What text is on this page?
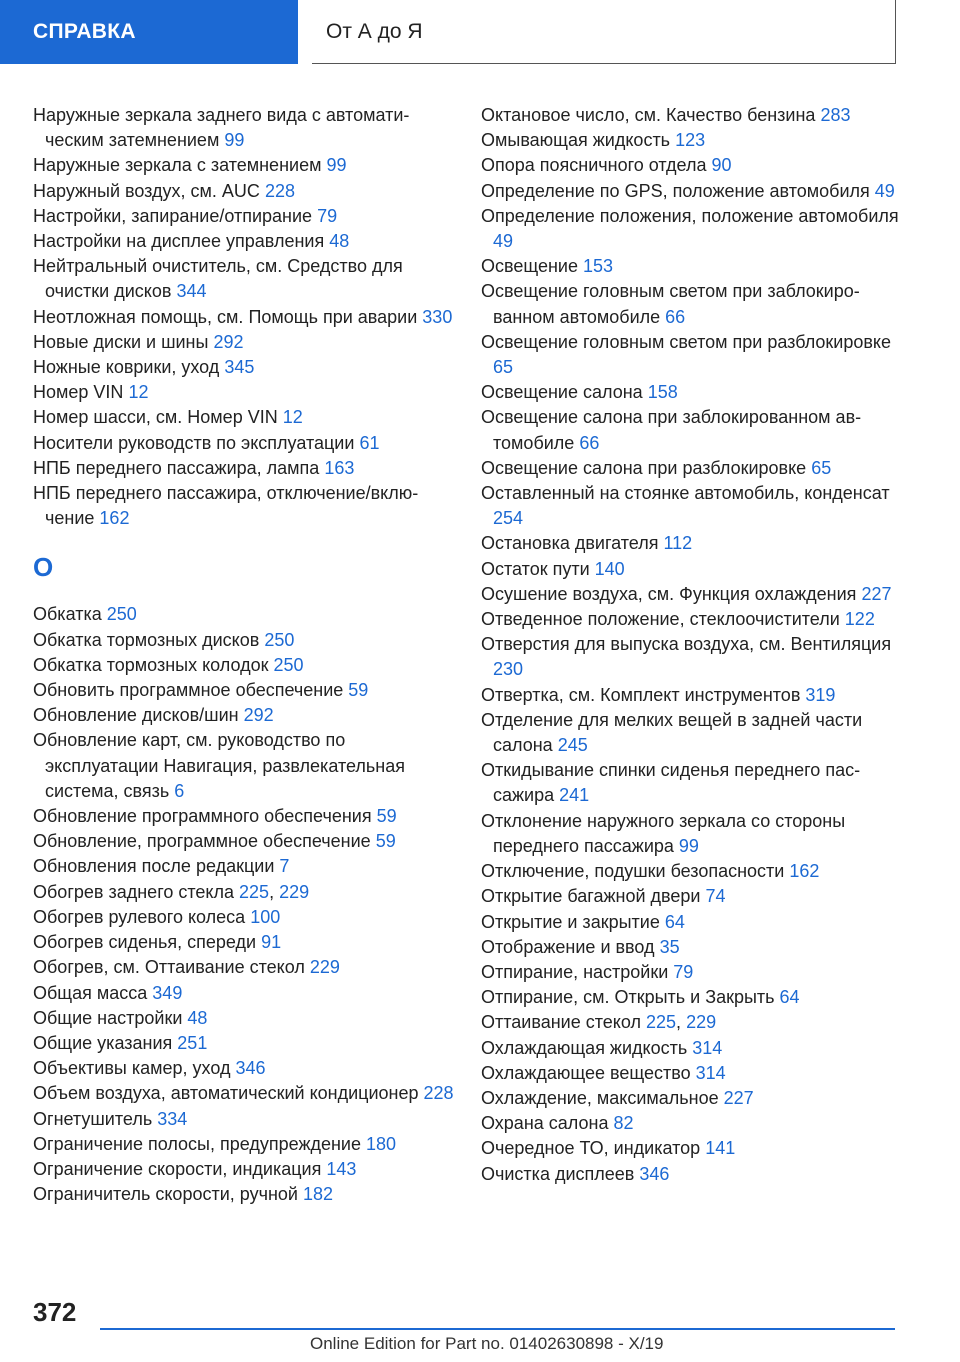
СПРАВКА	От А до Я
Наружные зеркала заднего вида с автоматическим затемнением 99
Наружные зеркала с затемнением 99
Наружный воздух, см. AUC 228
Настройки, запирание/отпирание 79
Настройки на дисплее управления 48
Нейтральный очиститель, см. Средство для очистки дисков 344
Неотложная помощь, см. Помощь при аварии 330
Новые диски и шины 292
Ножные коврики, уход 345
Номер VIN 12
Номер шасси, см. Номер VIN 12
Носители руководств по эксплуатации 61
НПБ переднего пассажира, лампа 163
НПБ переднего пассажира, отключение/включение 162
О
Обкатка 250
Обкатка тормозных дисков 250
Обкатка тормозных колодок 250
Обновить программное обеспечение 59
Обновление дисков/шин 292
Обновление карт, см. руководство по эксплуатации Навигация, развлекательная система, связь 6
Обновление программного обеспечения 59
Обновление, программное обеспечение 59
Обновления после редакции 7
Обогрев заднего стекла 225, 229
Обогрев рулевого колеса 100
Обогрев сиденья, спереди 91
Обогрев, см. Оттаивание стекол 229
Общая масса 349
Общие настройки 48
Общие указания 251
Объективы камер, уход 346
Объем воздуха, автоматический кондиционер 228
Огнетушитель 334
Ограничение полосы, предупреждение 180
Ограничение скорости, индикация 143
Ограничитель скорости, ручной 182
Октановое число, см. Качество бензина 283
Омывающая жидкость 123
Опора поясничного отдела 90
Определение по GPS, положение автомобиля 49
Определение положения, положение автомобиля 49
Освещение 153
Освещение головным светом при заблокированном автомобиле 66
Освещение головным светом при разблокировке 65
Освещение салона 158
Освещение салона при заблокированном автомобиле 66
Освещение салона при разблокировке 65
Оставленный на стоянке автомобиль, конденсат 254
Остановка двигателя 112
Остаток пути 140
Осушение воздуха, см. Функция охлаждения 227
Отведенное положение, стеклоочистители 122
Отверстия для выпуска воздуха, см. Вентиляция 230
Отвертка, см. Комплект инструментов 319
Отделение для мелких вещей в задней части салона 245
Откидывание спинки сиденья переднего пассажира 241
Отклонение наружного зеркала со стороны переднего пассажира 99
Отключение, подушки безопасности 162
Открытие багажной двери 74
Открытие и закрытие 64
Отображение и ввод 35
Отпирание, настройки 79
Отпирание, см. Открыть и Закрыть 64
Оттаивание стекол 225, 229
Охлаждающая жидкость 314
Охлаждающее вещество 314
Охлаждение, максимальное 227
Охрана салона 82
Очередное ТО, индикатор 141
Очистка дисплеев 346
372
Online Edition for Part no. 01402630898 - X/19
